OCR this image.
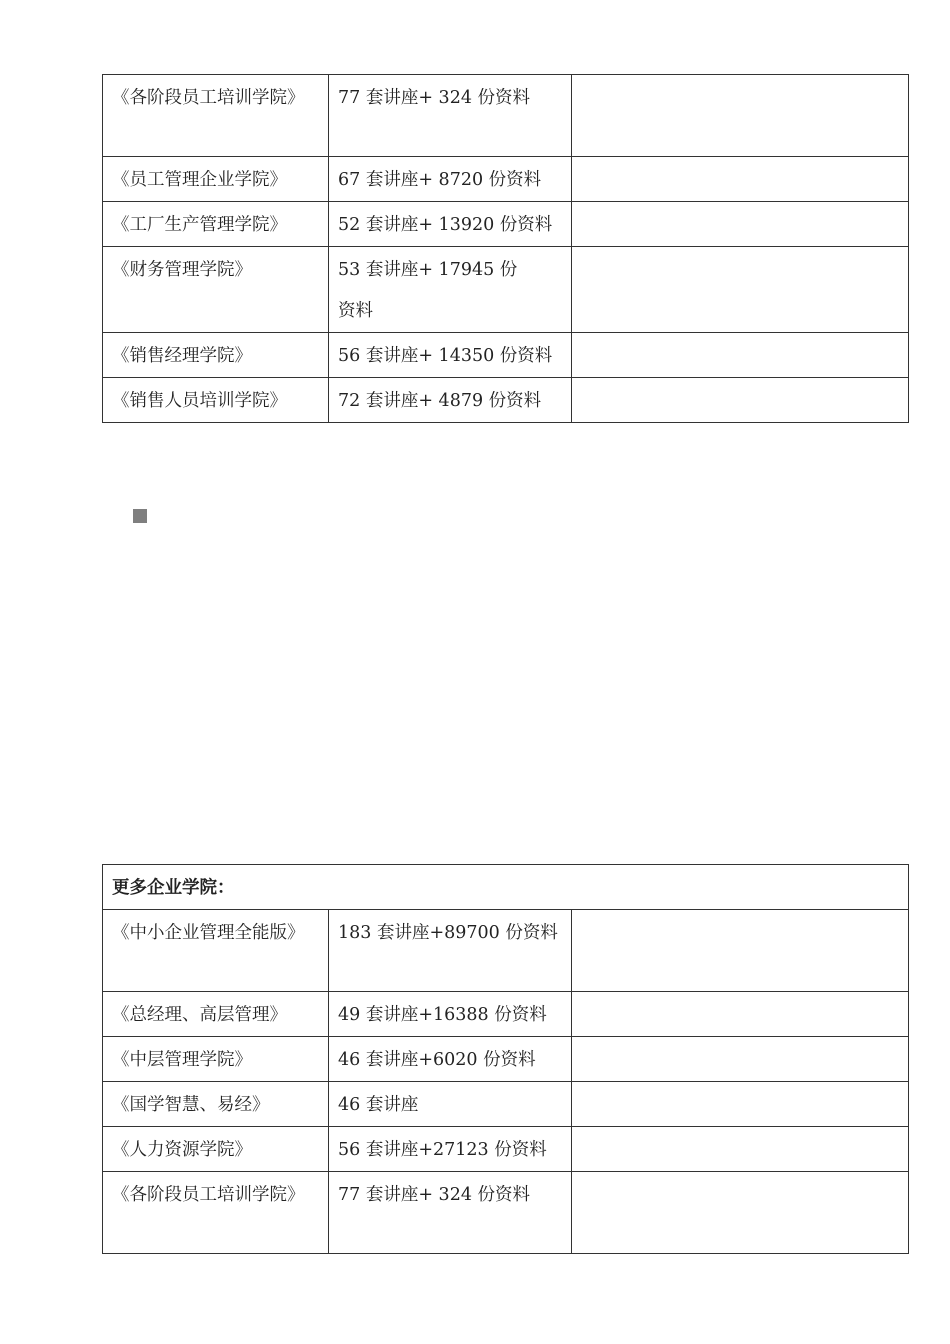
《各阶段员工培训学院》	77 套讲座+ 324 份资料	
《员工管理企业学院》	67 套讲座+ 8720 份资料	
《工厂生产管理学院》	52 套讲座+ 13920 份资料	
《财务管理学院》	53 套讲座+ 17945 份资料	
《销售经理学院》	56 套讲座+ 14350 份资料	
《销售人员培训学院》	72 套讲座+ 4879 份资料	
更多企业学院：		
《中小企业管理全能版》	183 套讲座+89700 份资料	
《总经理、高层管理》	49 套讲座+16388 份资料	
《中层管理学院》	46 套讲座+6020 份资料	
《国学智慧、易经》	46 套讲座	
《人力资源学院》	56 套讲座+27123 份资料	
《各阶段员工培训学院》	77 套讲座+ 324 份资料	
